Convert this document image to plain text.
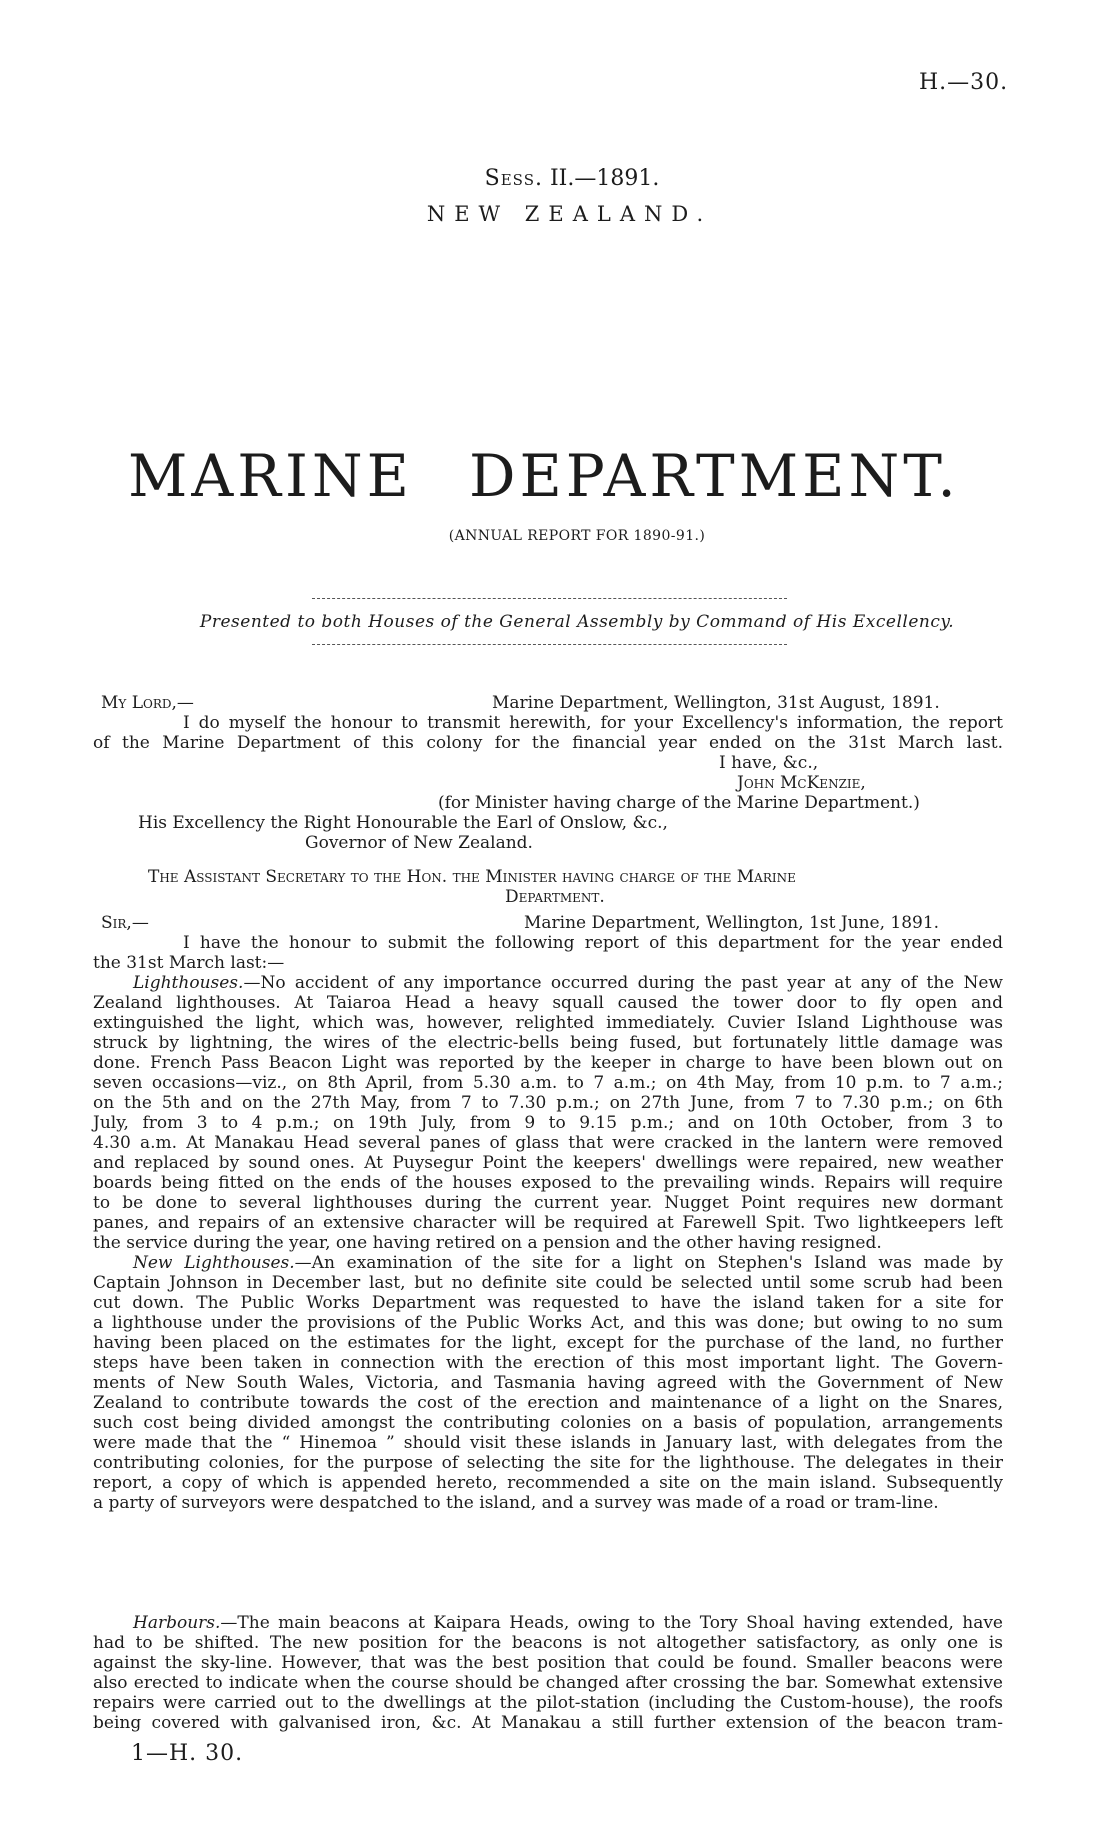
H.—30.
Sess. II.—1891.
NEW ZEALAND.
MARINE DEPARTMENT.
(ANNUAL REPORT FOR 1890-91.)
Presented to both Houses of the General Assembly by Command of His Excellency.
My Lord,—	Marine Department, Wellington, 31st August, 1891.
I do myself the honour to transmit herewith, for your Excellency's information, the report
of the Marine Department of this colony for the financial year ended on the 31st March last.
I have, &c.,
John McKenzie,
(for Minister having charge of the Marine Department.)
His Excellency the Right Honourable the Earl of Onslow, &c.,
Governor of New Zealand.
The Assistant Secretary to the Hon. the Minister having charge of the Marine
Department.
Sir,—	Marine Department, Wellington, 1st June, 1891.
I have the honour to submit the following report of this department for the year ended
the 31st March last:—
Lighthouses.—No accident of any importance occurred during the past year at any of the New
Zealand lighthouses. At Taiaroa Head a heavy squall caused the tower door to fly open and
extinguished the light, which was, however, relighted immediately. Cuvier Island Lighthouse was
struck by lightning, the wires of the electric-bells being fused, but fortunately little damage was
done. French Pass Beacon Light was reported by the keeper in charge to have been blown out on
seven occasions—viz., on 8th April, from 5.30 a.m. to 7 a.m.; on 4th May, from 10 p.m. to 7 a.m.;
on the 5th and on the 27th May, from 7 to 7.30 p.m.; on 27th June, from 7 to 7.30 p.m.; on 6th
July, from 3 to 4 p.m.; on 19th July, from 9 to 9.15 p.m.; and on 10th October, from 3 to
4.30 a.m. At Manakau Head several panes of glass that were cracked in the lantern were removed
and replaced by sound ones. At Puysegur Point the keepers' dwellings were repaired, new weather
boards being fitted on the ends of the houses exposed to the prevailing winds. Repairs will require
to be done to several lighthouses during the current year. Nugget Point requires new dormant
panes, and repairs of an extensive character will be required at Farewell Spit. Two lightkeepers left
the service during the year, one having retired on a pension and the other having resigned.
New Lighthouses.—An examination of the site for a light on Stephen's Island was made by
Captain Johnson in December last, but no definite site could be selected until some scrub had been
cut down. The Public Works Department was requested to have the island taken for a site for
a lighthouse under the provisions of the Public Works Act, and this was done; but owing to no sum
having been placed on the estimates for the light, except for the purchase of the land, no further
steps have been taken in connection with the erection of this most important light. The Govern-
ments of New South Wales, Victoria, and Tasmania having agreed with the Government of New
Zealand to contribute towards the cost of the erection and maintenance of a light on the Snares,
such cost being divided amongst the contributing colonies on a basis of population, arrangements
were made that the “ Hinemoa ” should visit these islands in January last, with delegates from the
contributing colonies, for the purpose of selecting the site for the lighthouse. The delegates in their
report, a copy of which is appended hereto, recommended a site on the main island. Subsequently
a party of surveyors were despatched to the island, and a survey was made of a road or tram-line.
Harbours.—The main beacons at Kaipara Heads, owing to the Tory Shoal having extended, have
had to be shifted. The new position for the beacons is not altogether satisfactory, as only one is
against the sky-line. However, that was the best position that could be found. Smaller beacons were
also erected to indicate when the course should be changed after crossing the bar. Somewhat extensive
repairs were carried out to the dwellings at the pilot-station (including the Custom-house), the roofs
being covered with galvanised iron, &c. At Manakau a still further extension of the beacon tram-
1—H. 30.
